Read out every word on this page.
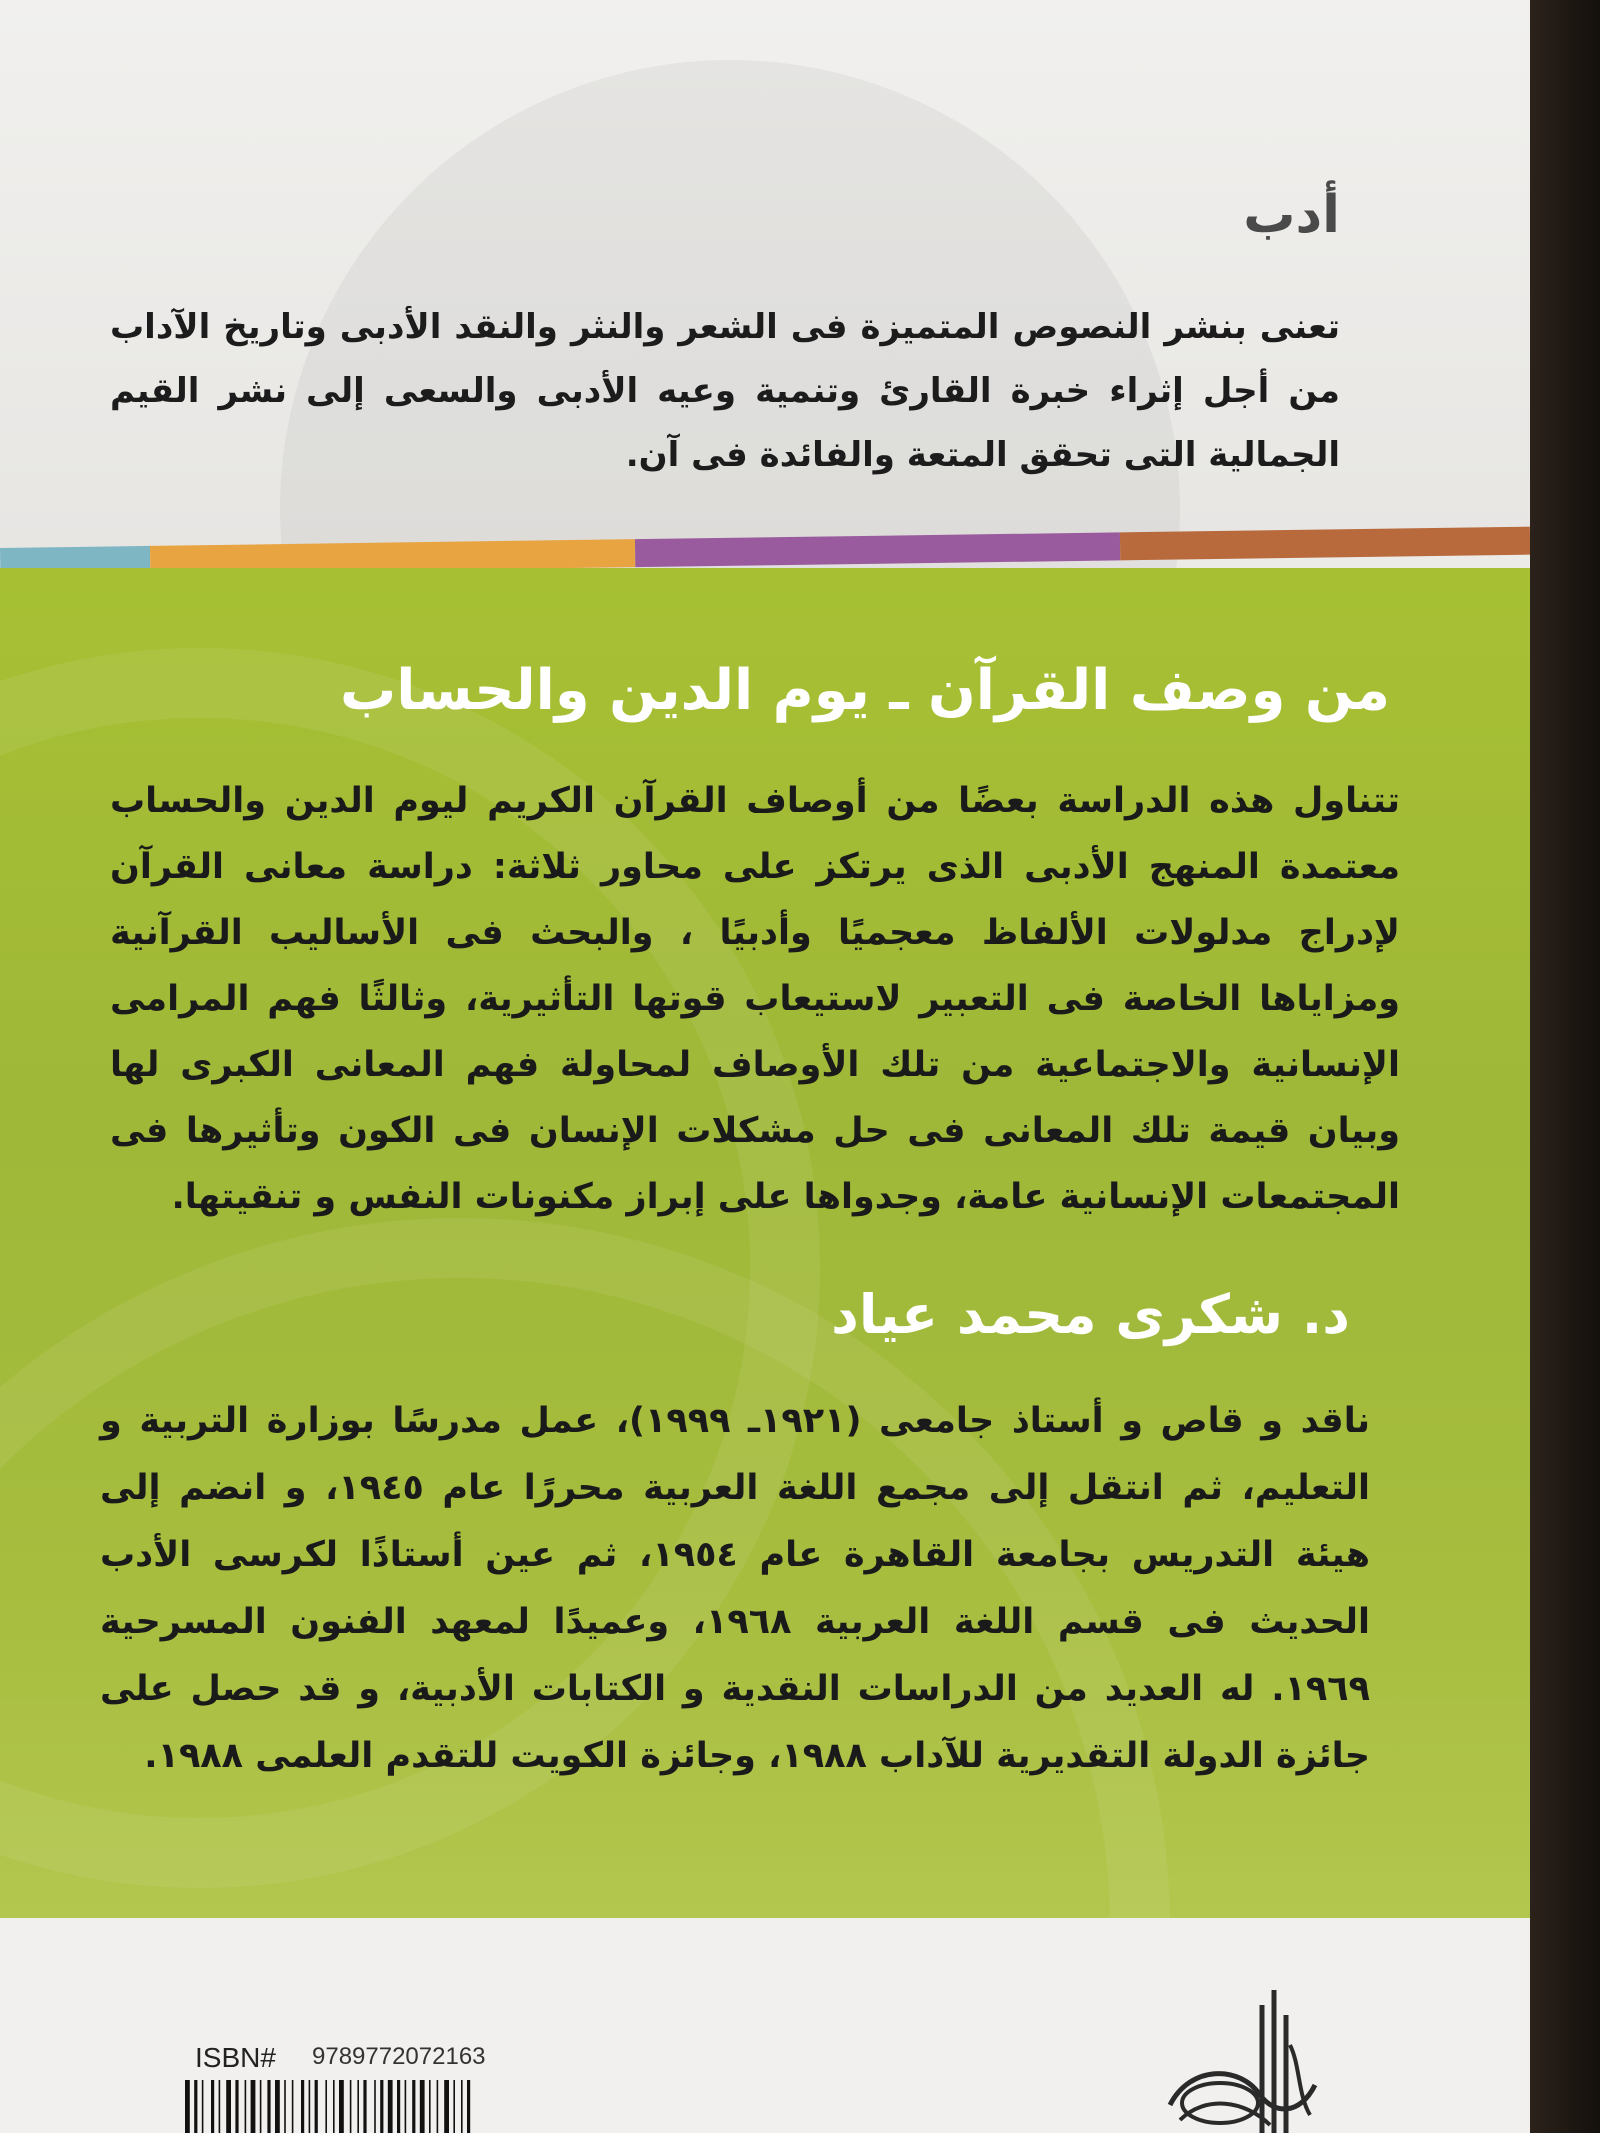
أدب
تعنى بنشر النصوص المتميزة فى الشعر والنثر والنقد الأدبى وتاريخ الآداب من أجل إثراء خبرة القارئ وتنمية وعيه الأدبى والسعى إلى نشر القيم الجمالية التى تحقق المتعة والفائدة فى آن.
من وصف القرآن ـ يوم الدين والحساب
تتناول هذه الدراسة بعضًا من أوصاف القرآن الكريم ليوم الدين والحساب معتمدة المنهج الأدبى الذى يرتكز على محاور ثلاثة: دراسة معانى القرآن لإدراج مدلولات الألفاظ معجميًا وأدبيًا ، والبحث فى الأساليب القرآنية ومزاياها الخاصة فى التعبير لاستيعاب قوتها التأثيرية، وثالثًا فهم المرامى الإنسانية والاجتماعية من تلك الأوصاف لمحاولة فهم المعانى الكبرى لها وبيان قيمة تلك المعانى فى حل مشكلات الإنسان فى الكون وتأثيرها فى المجتمعات الإنسانية عامة، وجدواها على إبراز مكنونات النفس و تنقيتها.
د. شكرى محمد عياد
ناقد و قاص و أستاذ جامعى (١٩٢١ـ ١٩٩٩)، عمل مدرسًا بوزارة التربية و التعليم، ثم انتقل إلى مجمع اللغة العربية محررًا عام ١٩٤٥، و انضم إلى هيئة التدريس بجامعة القاهرة عام ١٩٥٤، ثم عين أستاذًا لكرسى الأدب الحديث فى قسم اللغة العربية ١٩٦٨، وعميدًا لمعهد الفنون المسرحية ١٩٦٩. له العديد من الدراسات النقدية و الكتابات الأدبية، و قد حصل على جائزة الدولة التقديرية للآداب ١٩٨٨، وجائزة الكويت للتقدم العلمى ١٩٨٨.
ISBN# 9789772072163
